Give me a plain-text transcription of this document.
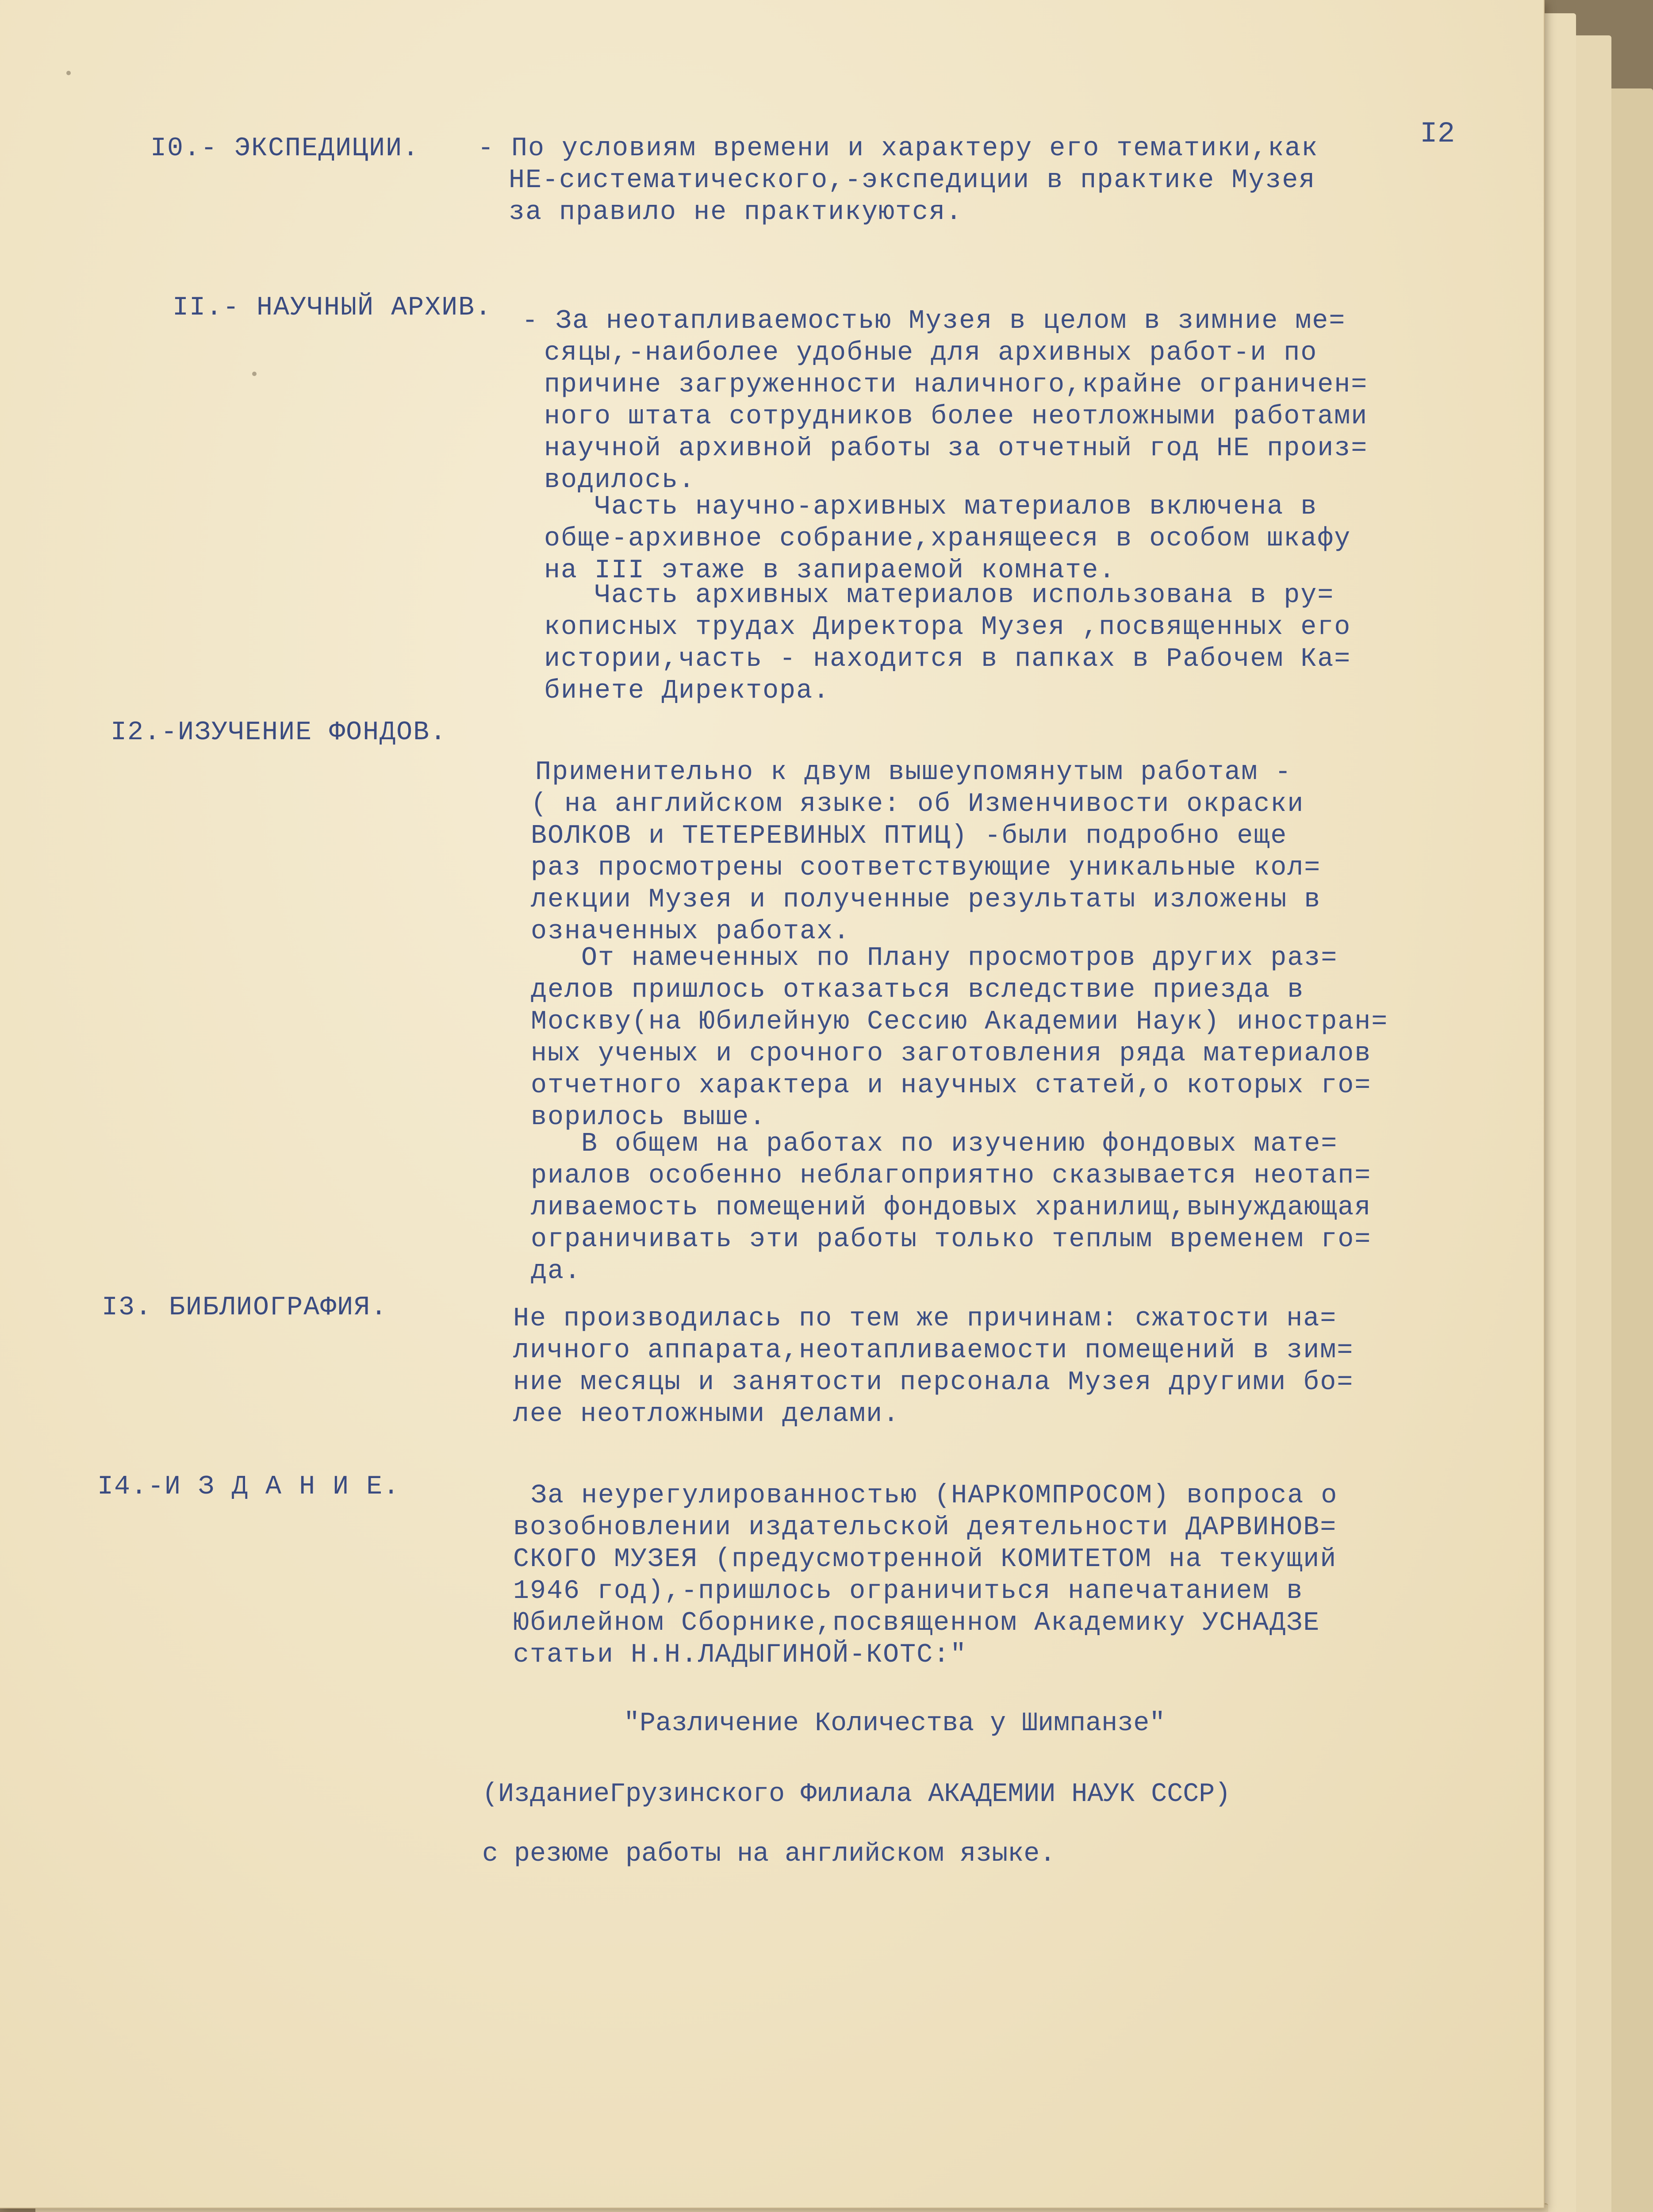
I2
I0.- ЭКСПЕДИЦИИ. - По условиям времени и характеру его тематики,как
НЕ-систематического,-экспедиции в практике Музея
за правило не практикуются.
II.- НАУЧНЫЙ АРХИВ. - За неотапливаемостью Музея в целом в зимние ме=
сяцы,-наиболее удобные для архивных работ-и по
причине загруженности наличного,крайне ограничен=
ного штата сотрудников более неотложными работами
научной архивной работы за отчетный год НЕ произ=
водилось.
Часть научно-архивных материалов включена в
обще-архивное собрание,хранящееся в особом шкафу
на III этаже в запираемой комнате.
Часть архивных материалов использована в ру=
кописных трудах Директора Музея ,посвященных его
истории,часть - находится в папках в Рабочем Ка=
бинете Директора.
I2.-ИЗУЧЕНИЕ ФОНДОВ.
Применительно к двум вышеупомянутым работам -
( на английском языке: об Изменчивости окраски
ВОЛКОВ и ТЕТЕРЕВИНЫХ ПТИЦ) -были подробно еще
раз просмотрены соответствующие уникальные кол=
лекции Музея и полученные результаты изложены в
означенных работах.
От намеченных по Плану просмотров других раз=
делов пришлось отказаться вследствие приезда в
Москву(на Юбилейную Сессию Академии Наук) иностран=
ных ученых и срочного заготовления ряда материалов
отчетного характера и научных статей,о которых го=
ворилось выше.
В общем на работах по изучению фондовых мате=
риалов особенно неблагоприятно сказывается неотап=
ливаемость помещений фондовых хранилищ,вынуждающая
ограничивать эти работы только теплым временем го=
да.
I3. БИБЛИОГРАФИЯ.	Не производилась по тем же причинам: сжатости на=
личного аппарата,неотапливаемости помещений в зим=
ние месяцы и занятости персонала Музея другими бо=
лее неотложными делами.
I4.-И З Д А Н И Е.	За неурегулированностью (НАРКОМПРОСОМ) вопроса о
возобновлении издательской деятельности ДАРВИНОВ=
СКОГО МУЗЕЯ (предусмотренной КОМИТЕТОМ на текущий
1946 год),-пришлось ограничиться напечатанием в
Юбилейном Сборнике,посвященном Академику УСНАДЗЕ
статьи Н.Н.ЛАДЫГИНОЙ-КОТС:"
"Различение Количества у Шимпанзе"
(ИзданиеГрузинского Филиала АКАДЕМИИ НАУК СССР)
с резюме работы на английском языке.
